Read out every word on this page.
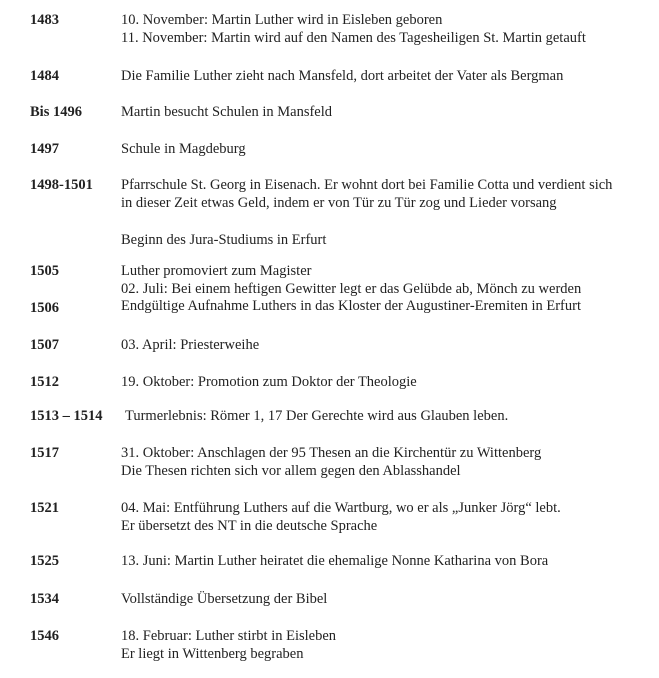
1483	10. November: Martin Luther wird in Eisleben geboren
11. November: Martin wird auf den Namen des Tagesheiligen St. Martin getauft
1484	Die Familie Luther zieht nach Mansfeld, dort arbeitet der Vater als Bergman
Bis 1496	Martin besucht Schulen in Mansfeld
1497	Schule in Magdeburg
1498-1501 Pfarrschule St. Georg in Eisenach. Er wohnt dort bei Familie Cotta und verdient sich
in dieser Zeit etwas Geld, indem er von Tür zu Tür zog und Lieder vorsang
Beginn des Jura-Studiums in Erfurt
1505	Luther promoviert zum Magister
02. Juli: Bei einem heftigen Gewitter legt er das Gelübde ab, Mönch zu werden
1506	Endgültige Aufnahme Luthers in das Kloster der Augustiner-Eremiten in Erfurt
1507	03. April: Priesterweihe
1512	19. Oktober: Promotion zum Doktor der Theologie
1513 – 1514 Turmerlebnis: Römer 1, 17 Der Gerechte wird aus Glauben leben.
1517	31. Oktober: Anschlagen der 95 Thesen an die Kirchentür zu Wittenberg
Die Thesen richten sich vor allem gegen den Ablasshandel
1521	04. Mai: Entführung Luthers auf die Wartburg, wo er als „Junker Jörg“ lebt.
Er übersetzt des NT in die deutsche Sprache
1525	13. Juni: Martin Luther heiratet die ehemalige Nonne Katharina von Bora
1534	Vollständige Übersetzung der Bibel
1546	18. Februar: Luther stirbt in Eisleben
Er liegt in Wittenberg begraben
